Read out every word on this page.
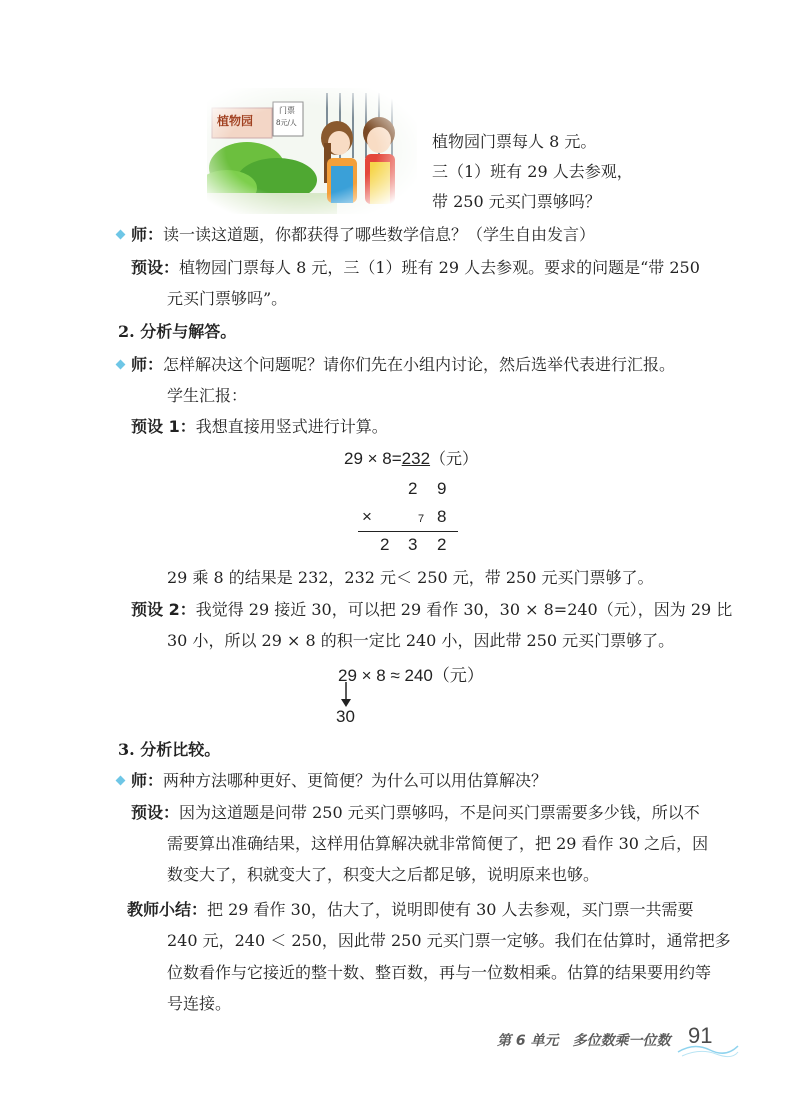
植物园
门票
8元/人
植物园门票每人 8 元。
三（1）班有 29 人去参观，
带 250 元买门票够吗？
师：读一读这道题，你都获得了哪些数学信息？（学生自由发言）
预设：植物园门票每人 8 元，三（1）班有 29 人去参观。要求的问题是“带 250
元买门票够吗”。
2. 分析与解答。
师：怎样解决这个问题呢？请你们先在小组内讨论，然后选举代表进行汇报。
学生汇报：
预设 1：我想直接用竖式进行计算。
29 × 8=232（元）
2 9
×	7 8
2 3 2
29 乘 8 的结果是 232，232 元＜ 250 元，带 250 元买门票够了。
预设 2：我觉得 29 接近 30，可以把 29 看作 30，30 × 8=240（元），因为 29 比
30 小，所以 29 × 8 的积一定比 240 小，因此带 250 元买门票够了。
29 × 8 ≈ 240（元）
30
3. 分析比较。
师：两种方法哪种更好、更简便？为什么可以用估算解决？
预设：因为这道题是问带 250 元买门票够吗，不是问买门票需要多少钱，所以不
需要算出准确结果，这样用估算解决就非常简便了，把 29 看作 30 之后，因
数变大了，积就变大了，积变大之后都足够，说明原来也够。
教师小结：把 29 看作 30，估大了，说明即使有 30 人去参观，买门票一共需要
240 元，240 ＜ 250，因此带 250 元买门票一定够。我们在估算时，通常把多
位数看作与它接近的整十数、整百数，再与一位数相乘。估算的结果要用约等
号连接。
第 6 单元　多位数乘一位数 91
